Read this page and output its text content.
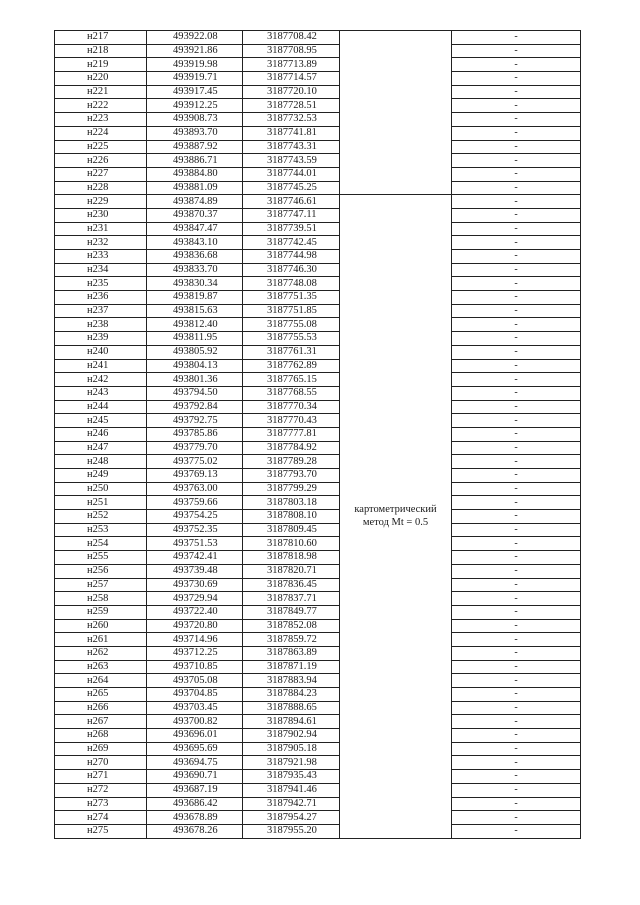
н217	493922.08	3187708.42		-
н218	493921.86	3187708.95		-
н219	493919.98	3187713.89		-
н220	493919.71	3187714.57		-
н221	493917.45	3187720.10		-
н222	493912.25	3187728.51		-
н223	493908.73	3187732.53		-
н224	493893.70	3187741.81		-
н225	493887.92	3187743.31		-
н226	493886.71	3187743.59		-
н227	493884.80	3187744.01		-
н228	493881.09	3187745.25		-
н229	493874.89	3187746.61	картометрический
метод Mt = 0.5	-
н230	493870.37	3187747.11		-
н231	493847.47	3187739.51		-
н232	493843.10	3187742.45		-
н233	493836.68	3187744.98		-
н234	493833.70	3187746.30		-
н235	493830.34	3187748.08		-
н236	493819.87	3187751.35		-
н237	493815.63	3187751.85		-
н238	493812.40	3187755.08		-
н239	493811.95	3187755.53		-
н240	493805.92	3187761.31		-
н241	493804.13	3187762.89		-
н242	493801.36	3187765.15		-
н243	493794.50	3187768.55		-
н244	493792.84	3187770.34		-
н245	493792.75	3187770.43		-
н246	493785.86	3187777.81		-
н247	493779.70	3187784.92		-
н248	493775.02	3187789.28		-
н249	493769.13	3187793.70		-
н250	493763.00	3187799.29		-
н251	493759.66	3187803.18		-
н252	493754.25	3187808.10		-
н253	493752.35	3187809.45		-
н254	493751.53	3187810.60		-
н255	493742.41	3187818.98		-
н256	493739.48	3187820.71		-
н257	493730.69	3187836.45		-
н258	493729.94	3187837.71		-
н259	493722.40	3187849.77		-
н260	493720.80	3187852.08		-
н261	493714.96	3187859.72		-
н262	493712.25	3187863.89		-
н263	493710.85	3187871.19		-
н264	493705.08	3187883.94		-
н265	493704.85	3187884.23		-
н266	493703.45	3187888.65		-
н267	493700.82	3187894.61		-
н268	493696.01	3187902.94		-
н269	493695.69	3187905.18		-
н270	493694.75	3187921.98		-
н271	493690.71	3187935.43		-
н272	493687.19	3187941.46		-
н273	493686.42	3187942.71		-
н274	493678.89	3187954.27		-
н275	493678.26	3187955.20		-
